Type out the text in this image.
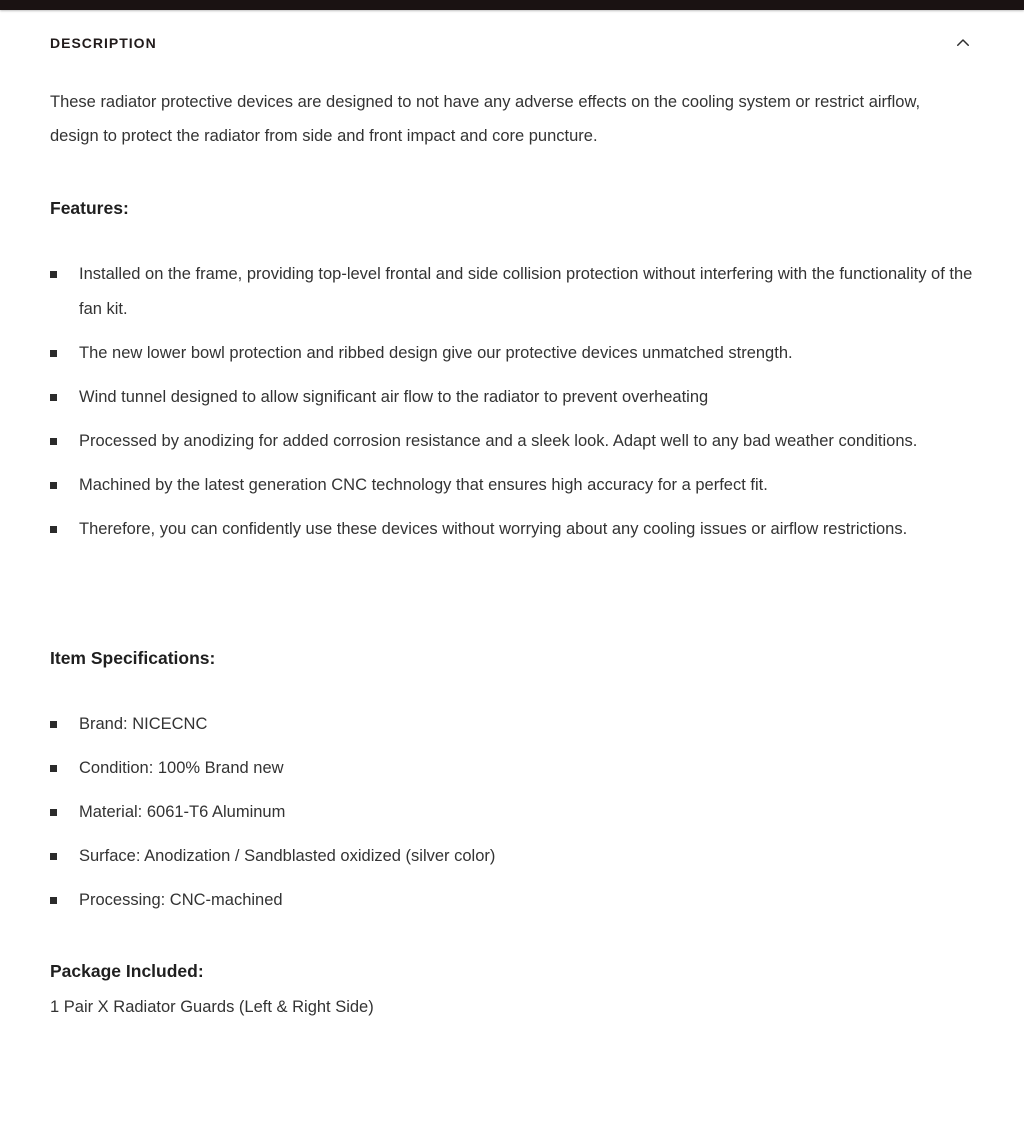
DESCRIPTION

These radiator protective devices are designed to not have any adverse effects on the cooling system or restrict airflow, design to protect the radiator from side and front impact and core puncture.

Features:
Installed on the frame, providing top-level frontal and side collision protection without interfering with the functionality of the fan kit.
The new lower bowl protection and ribbed design give our protective devices unmatched strength.
Wind tunnel designed to allow significant air flow to the radiator to prevent overheating
Processed by anodizing for added corrosion resistance and a sleek look. Adapt well to any bad weather conditions.
Machined by the latest generation CNC technology that ensures high accuracy for a perfect fit.
Therefore, you can confidently use these devices without worrying about any cooling issues or airflow restrictions.
Item Specifications:
Brand: NICECNC
Condition: 100% Brand new
Material: 6061-T6 Aluminum
Surface: Anodization / Sandblasted oxidized (silver color)
Processing: CNC-machined
Package Included:

1 Pair X Radiator Guards (Left & Right Side)
